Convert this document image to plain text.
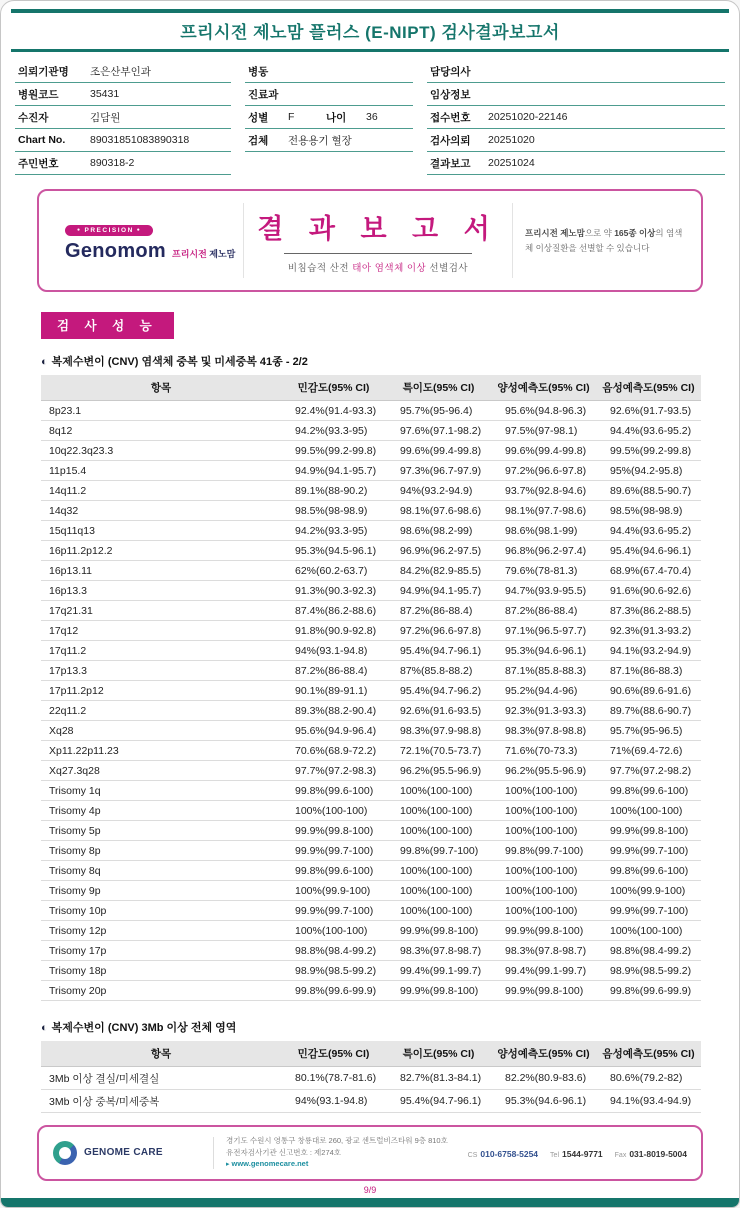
프리시전 제노맘 플러스 (E-NIPT) 검사결과보고서
의뢰기관명	조은산부인과
병원코드	35431
수진자	김담원
Chart No.	89031851083890318
주민번호	890318-2
병동
진료과
성별	F	나이	36
검체	전용용기 혈장
담당의사
임상정보
접수번호	20251020-22146
검사의뢰	20251020
결과보고	20251024
● PRECISION ●
Genomom 프리시전 제노맘
결 과 보 고 서
비침습적 산전 태아 염색체 이상 선별검사
프리시전 제노맘으로 약 165종 이상의 염색체 이상질환을 선별할 수 있습니다
검 사 성 능
◐ 복제수변이 (CNV) 염색체 중복 및 미세중복 41종 - 2/2
항목	민감도(95% CI)	특이도(95% CI)	양성예측도(95% CI)	음성예측도(95% CI)
8p23.1	92.4%(91.4-93.3)	95.7%(95-96.4)	95.6%(94.8-96.3)	92.6%(91.7-93.5)
8q12	94.2%(93.3-95)	97.6%(97.1-98.2)	97.5%(97-98.1)	94.4%(93.6-95.2)
10q22.3q23.3	99.5%(99.2-99.8)	99.6%(99.4-99.8)	99.6%(99.4-99.8)	99.5%(99.2-99.8)
11p15.4	94.9%(94.1-95.7)	97.3%(96.7-97.9)	97.2%(96.6-97.8)	95%(94.2-95.8)
14q11.2	89.1%(88-90.2)	94%(93.2-94.9)	93.7%(92.8-94.6)	89.6%(88.5-90.7)
14q32	98.5%(98-98.9)	98.1%(97.6-98.6)	98.1%(97.7-98.6)	98.5%(98-98.9)
15q11q13	94.2%(93.3-95)	98.6%(98.2-99)	98.6%(98.1-99)	94.4%(93.6-95.2)
16p11.2p12.2	95.3%(94.5-96.1)	96.9%(96.2-97.5)	96.8%(96.2-97.4)	95.4%(94.6-96.1)
16p13.11	62%(60.2-63.7)	84.2%(82.9-85.5)	79.6%(78-81.3)	68.9%(67.4-70.4)
16p13.3	91.3%(90.3-92.3)	94.9%(94.1-95.7)	94.7%(93.9-95.5)	91.6%(90.6-92.6)
17q21.31	87.4%(86.2-88.6)	87.2%(86-88.4)	87.2%(86-88.4)	87.3%(86.2-88.5)
17q12	91.8%(90.9-92.8)	97.2%(96.6-97.8)	97.1%(96.5-97.7)	92.3%(91.3-93.2)
17q11.2	94%(93.1-94.8)	95.4%(94.7-96.1)	95.3%(94.6-96.1)	94.1%(93.2-94.9)
17p13.3	87.2%(86-88.4)	87%(85.8-88.2)	87.1%(85.8-88.3)	87.1%(86-88.3)
17p11.2p12	90.1%(89-91.1)	95.4%(94.7-96.2)	95.2%(94.4-96)	90.6%(89.6-91.6)
22q11.2	89.3%(88.2-90.4)	92.6%(91.6-93.5)	92.3%(91.3-93.3)	89.7%(88.6-90.7)
Xq28	95.6%(94.9-96.4)	98.3%(97.9-98.8)	98.3%(97.8-98.8)	95.7%(95-96.5)
Xp11.22p11.23	70.6%(68.9-72.2)	72.1%(70.5-73.7)	71.6%(70-73.3)	71%(69.4-72.6)
Xq27.3q28	97.7%(97.2-98.3)	96.2%(95.5-96.9)	96.2%(95.5-96.9)	97.7%(97.2-98.2)
Trisomy 1q	99.8%(99.6-100)	100%(100-100)	100%(100-100)	99.8%(99.6-100)
Trisomy 4p	100%(100-100)	100%(100-100)	100%(100-100)	100%(100-100)
Trisomy 5p	99.9%(99.8-100)	100%(100-100)	100%(100-100)	99.9%(99.8-100)
Trisomy 8p	99.9%(99.7-100)	99.8%(99.7-100)	99.8%(99.7-100)	99.9%(99.7-100)
Trisomy 8q	99.8%(99.6-100)	100%(100-100)	100%(100-100)	99.8%(99.6-100)
Trisomy 9p	100%(99.9-100)	100%(100-100)	100%(100-100)	100%(99.9-100)
Trisomy 10p	99.9%(99.7-100)	100%(100-100)	100%(100-100)	99.9%(99.7-100)
Trisomy 12p	100%(100-100)	99.9%(99.8-100)	99.9%(99.8-100)	100%(100-100)
Trisomy 17p	98.8%(98.4-99.2)	98.3%(97.8-98.7)	98.3%(97.8-98.7)	98.8%(98.4-99.2)
Trisomy 18p	98.9%(98.5-99.2)	99.4%(99.1-99.7)	99.4%(99.1-99.7)	98.9%(98.5-99.2)
Trisomy 20p	99.8%(99.6-99.9)	99.9%(99.8-100)	99.9%(99.8-100)	99.8%(99.6-99.9)
◐ 복제수변이 (CNV) 3Mb 이상 전체 영역
항목	민감도(95% CI)	특이도(95% CI)	양성예측도(95% CI)	음성예측도(95% CI)
3Mb 이상 결실/미세결실	80.1%(78.7-81.6)	82.7%(81.3-84.1)	82.2%(80.9-83.6)	80.6%(79.2-82)
3Mb 이상 중복/미세중복	94%(93.1-94.8)	95.4%(94.7-96.1)	95.3%(94.6-96.1)	94.1%(93.4-94.9)
GENOME CARE
경기도 수원시 영통구 창룡대로 260, 광교 센트럴비즈타워 9층 810호
유전자검사기관 신고번호 : 제274호
▸ www.genomecare.net
CS 010-6758-5254 Tel 1544-9771 Fax 031-8019-5004
9/9
